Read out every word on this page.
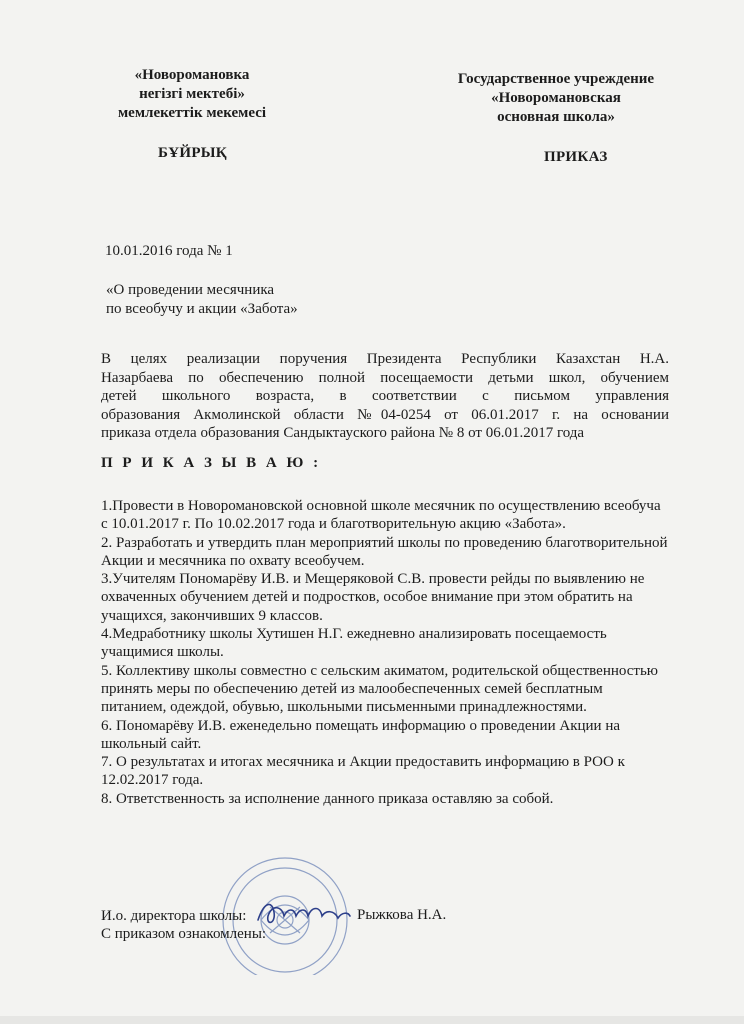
«Новоромановка
негізгі мектебі»
мемлекеттік мекемесі
Государственное учреждение
«Новоромановская
основная школа»
БҰЙРЫҚ	ПРИКАЗ
10.01.2016 года № 1
«О проведении месячника
по всеобучу и акции «Забота»
В целях реализации поручения Президента Республики Казахстан Н.А.
Назарбаева по обеспечению полной посещаемости детьми школ, обучением
детей школьного возраста, в соответствии с письмом управления
образования Акмолинской области №04-0254 от 06.01.2017 г. на основании
приказа отдела образования Сандыктауского района № 8 от 06.01.2017 года
П Р И К А З Ы В А Ю :

1.Провести в Новоромановской основной школе месячник по осуществлению всеобуча с 10.01.2017 г. По 10.02.2017 года и благотворительную акцию «Забота».

2. Разработать и утвердить план мероприятий школы по проведению благотворительной Акции и месячника по охвату всеобучем.

3.Учителям Пономарёву И.В. и Мещеряковой С.В. провести рейды по выявлению не охваченных обучением детей и подростков, особое внимание при этом обратить на учащихся, закончивших 9 классов.

4.Медработнику школы Хутишен Н.Г. ежедневно анализировать посещаемость учащимися школы.

5. Коллективу школы совместно с сельским акиматом, родительской общественностью принять меры по обеспечению детей из малообеспеченных семей бесплатным питанием, одеждой, обувью, школьными письменными принадлежностями.

6. Пономарёву И.В. еженедельно помещать информацию о проведении Акции на школьный сайт.

7. О результатах и итогах месячника и Акции предоставить информацию в РОО к 12.02.2017 года.

8. Ответственность за исполнение данного приказа оставляю за собой.

И.о. директора школы:	Рыжкова Н.А.
С приказом ознакомлены:
